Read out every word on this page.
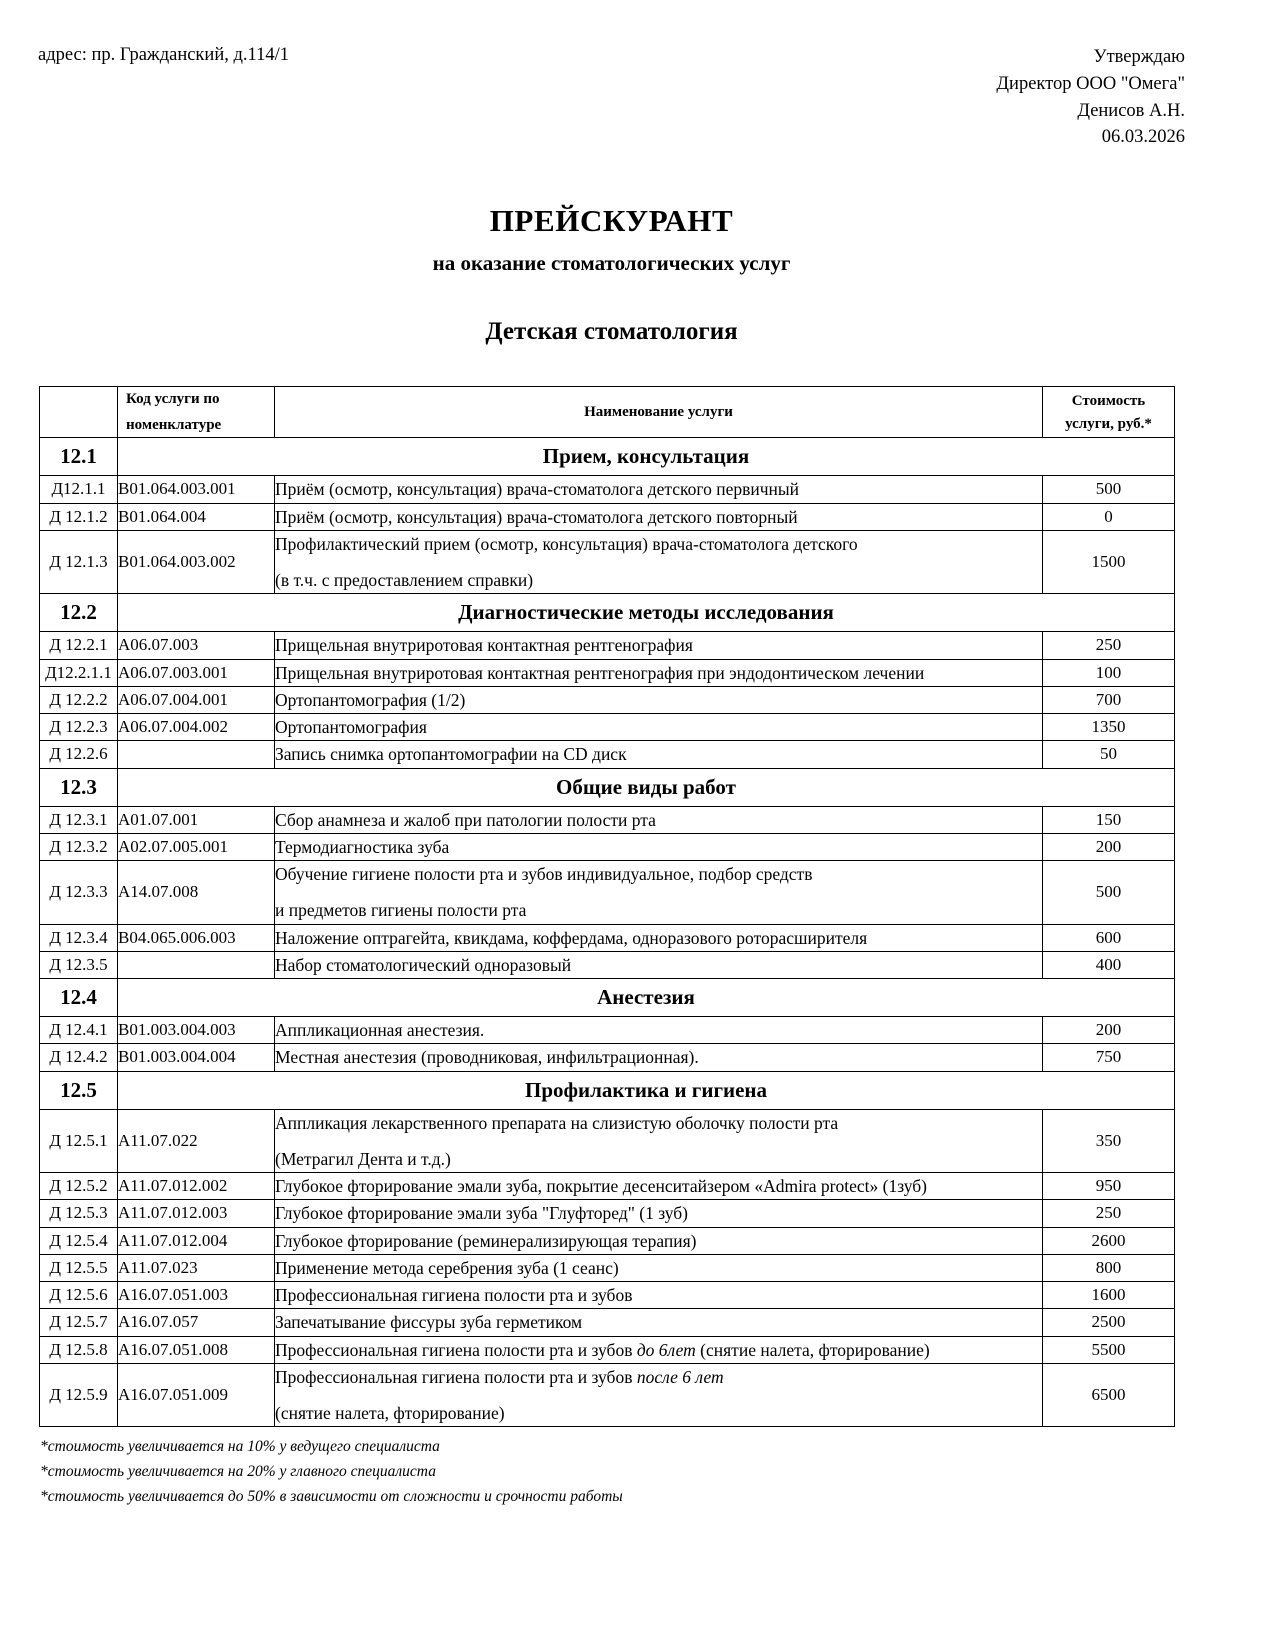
адрес: пр. Гражданский, д.114/1	Утверждаю
Директор ООО "Омега"
Денисов А.Н.
06.03.2026
ПРЕЙСКУРАНТ
на оказание стоматологических услуг
Детская стоматология

	Код услуги по
номенклатуре	Наименование услуги	Стоимость
услуги, руб.*

12.1	Прием, консультация		
Д12.1.1	B01.064.003.001	Приём (осмотр, консультация) врача-стоматолога детского первичный	500
Д 12.1.2	B01.064.004	Приём (осмотр, консультация) врача-стоматолога детского повторный	0
Д 12.1.3	B01.064.003.002	Профилактический прием (осмотр, консультация) врача-стоматолога детского
(в т.ч. с предоставлением справки)	1500
12.2	Диагностические методы исследования		
Д 12.2.1	A06.07.003	Прищельная внутриротовая контактная рентгенография	250
Д12.2.1.1	A06.07.003.001	Прищельная внутриротовая контактная рентгенография при эндодонтическом лечении	100
Д 12.2.2	A06.07.004.001	Ортопантомография (1/2)	700
Д 12.2.3	A06.07.004.002	Ортопантомография	1350
Д 12.2.6		Запись снимка ортопантомографии на CD диск	50
12.3	Общие виды работ		
Д 12.3.1	A01.07.001	Сбор анамнеза и жалоб при патологии полости рта	150
Д 12.3.2	A02.07.005.001	Термодиагностика зуба	200
Д 12.3.3	A14.07.008	Обучение гигиене полости рта и зубов индивидуальное, подбор средств
и предметов гигиены полости рта	500
Д 12.3.4	B04.065.006.003	Наложение оптрагейта, квикдама, коффердама, одноразового роторасширителя	600
Д 12.3.5		Набор стоматологический одноразовый	400
12.4	Анестезия		
Д 12.4.1	B01.003.004.003	Аппликационная анестезия.	200
Д 12.4.2	B01.003.004.004	Местная анестезия (проводниковая, инфильтрационная).	750
12.5	Профилактика и гигиена		
Д 12.5.1	A11.07.022	Аппликация лекарственного препарата на слизистую оболочку полости рта
(Метрагил Дента и т.д.)	350
Д 12.5.2	A11.07.012.002	Глубокое фторирование эмали зуба, покрытие десенситайзером «Admira protect» (1зуб)	950
Д 12.5.3	A11.07.012.003	Глубокое фторирование эмали зуба "Глуфторед" (1 зуб)	250
Д 12.5.4	A11.07.012.004	Глубокое фторирование (реминерализирующая терапия)	2600
Д 12.5.5	A11.07.023	Применение метода серебрения зуба (1 сеанс)	800
Д 12.5.6	A16.07.051.003	Профессиональная гигиена полости рта и зубов	1600
Д 12.5.7	A16.07.057	Запечатывание фиссуры зуба герметиком	2500
Д 12.5.8	A16.07.051.008	Профессиональная гигиена полости рта и зубов до 6лет (снятие налета, фторирование)	5500
Д 12.5.9	A16.07.051.009	Профессиональная гигиена полости рта и зубов после 6 лет
(снятие налета, фторирование)	6500
*стоимость увеличивается на 10% у ведущего специалиста
*стоимость увеличивается на 20% у главного специалиста
*стоимость увеличивается до 50% в зависимости от сложности и срочности работы
